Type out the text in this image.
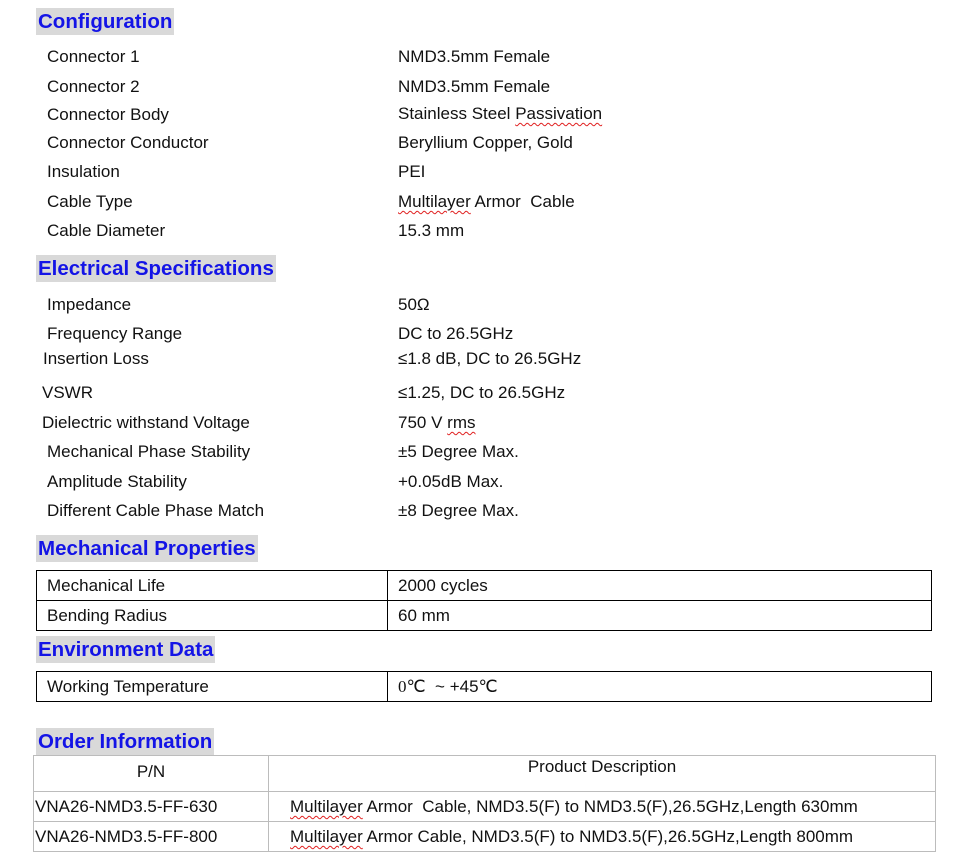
Configuration
Connector 1	NMD3.5mm Female
Connector 2	NMD3.5mm Female
Connector Body	Stainless Steel Passivation
Connector Conductor	Beryllium Copper, Gold
Insulation	PEI
Cable Type	Multilayer Armor  Cable
Cable Diameter	15.3 mm
Electrical Specifications
Impedance	50Ω
Frequency Range	DC to 26.5GHz
Insertion Loss	≤1.8 dB, DC to 26.5GHz
VSWR	≤1.25, DC to 26.5GHz
Dielectric withstand Voltage	750 V rms
Mechanical Phase Stability	±5 Degree Max.
Amplitude Stability	+0.05dB Max.
Different Cable Phase Match	±8 Degree Max.
Mechanical Properties
Mechanical Life	2000 cycles
Bending Radius	60 mm
Environment Data
Working Temperature	0℃  ~ +45℃
Order Information
P/N	Product Description
VNA26-NMD3.5-FF-630	Multilayer Armor  Cable, NMD3.5(F) to NMD3.5(F),26.5GHz,Length 630mm
VNA26-NMD3.5-FF-800	Multilayer Armor Cable, NMD3.5(F) to NMD3.5(F),26.5GHz,Length 800mm
